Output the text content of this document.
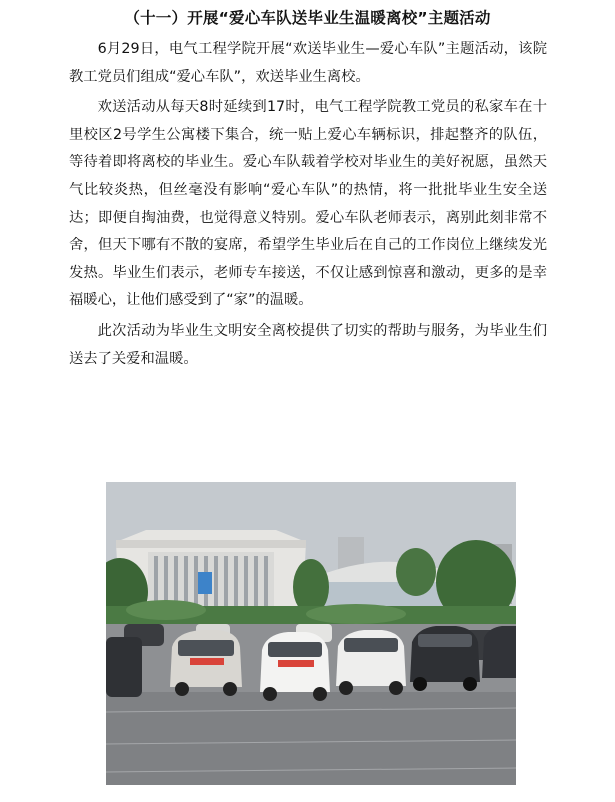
（十一）开展“爱心车队送毕业生温暖离校”主题活动

6月29日，电气工程学院开展“欢送毕业生—爱心车队”主题活动，该院教工党员们组成“爱心车队”，欢送毕业生离校。

欢送活动从每天8时延续到17时，电气工程学院教工党员的私家车在十里校区2号学生公寓楼下集合，统一贴上爱心车辆标识，排起整齐的队伍，等待着即将离校的毕业生。爱心车队载着学校对毕业生的美好祝愿，虽然天气比较炎热，但丝毫没有影响“爱心车队”的热情，将一批批毕业生安全送达；即便自掏油费，也觉得意义特别。爱心车队老师表示，离别此刻非常不舍，但天下哪有不散的宴席，希望学生毕业后在自己的工作岗位上继续发光发热。毕业生们表示，老师专车接送，不仅让感到惊喜和激动，更多的是幸福暖心，让他们感受到了“家”的温暖。

此次活动为毕业生文明安全离校提供了切实的帮助与服务，为毕业生们送去了关爱和温暖。
